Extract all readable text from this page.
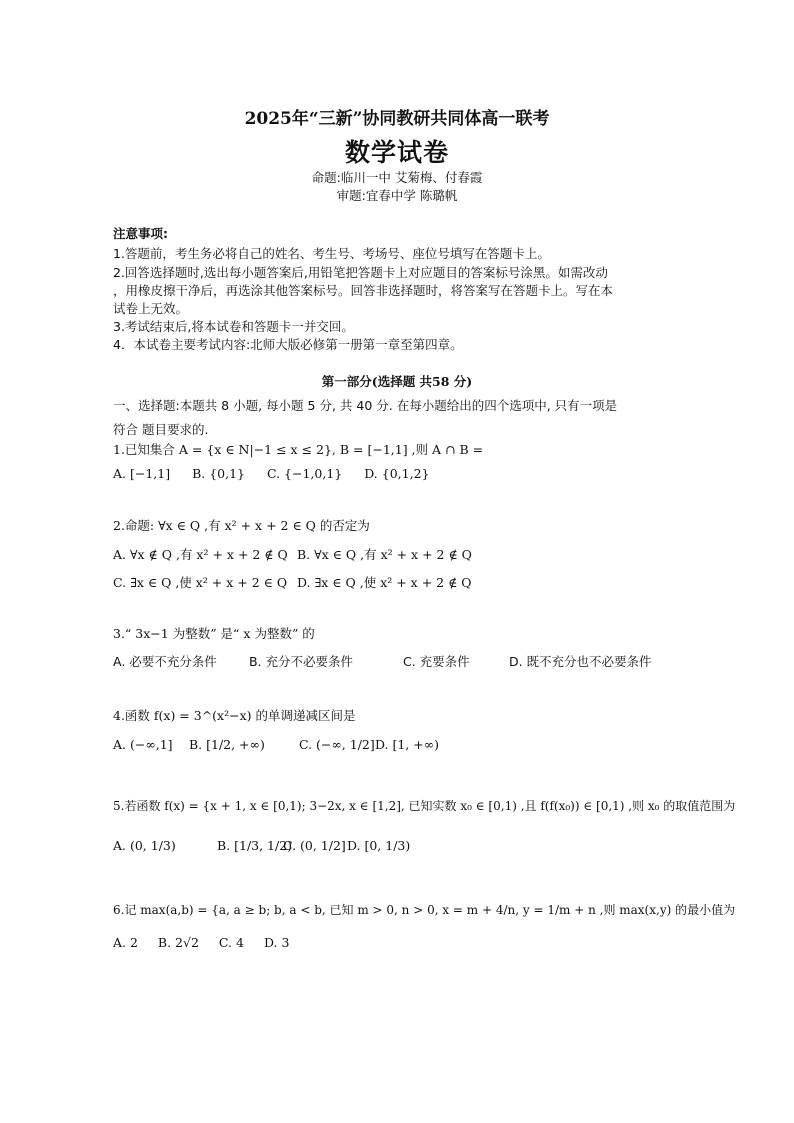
2025年“三新”协同教研共同体高一联考
数学试卷
命题:临川一中 艾菊梅、付春霞
审题:宜春中学 陈璐帆
注意事项:
1.答题前，考生务必将自己的姓名、考生号、考场号、座位号填写在答题卡上。
2.回答选择题时,选出每小题答案后,用铅笔把答题卡上对应题目的答案标号涂黑。如需改动
，用橡皮擦干净后，再选涂其他答案标号。回答非选择题时，将答案写在答题卡上。写在本
试卷上无效。
3.考试结束后,将本试卷和答题卡一并交回。
4．本试卷主要考试内容:北师大版必修第一册第一章至第四章。
第一部分(选择题 共58 分)
一、选择题:本题共 8 小题, 每小题 5 分, 共 40 分. 在每小题给出的四个选项中, 只有一项是
符合 题目要求的.
1.已知集合 A = {x ∈ N|−1 ≤ x ≤ 2}, B = [−1,1] ,则 A ∩ B =
A. [−1,1] B. {0,1} C. {−1,0,1} D. {0,1,2}
2.命题: ∀x ∈ Q ,有 x² + x + 2 ∈ Q 的否定为
A. ∀x ∉ Q ,有 x² + x + 2 ∉ Q B. ∀x ∈ Q ,有 x² + x + 2 ∉ Q
C. ∃x ∈ Q ,使 x² + x + 2 ∈ Q D. ∃x ∈ Q ,使 x² + x + 2 ∉ Q
3.“ 3x−1 为整数” 是“ x 为整数” 的
A. 必要不充分条件	B. 充分不必要条件	C. 充要条件	D. 既不充分也不必要条件
4.函数 f(x) = 3^(x²−x) 的单调递减区间是
A. (−∞,1] B. [1/2, +∞)	C. (−∞, 1/2] D. [1, +∞)
5.若函数 f(x) = {x + 1, x ∈ [0,1); 3−2x, x ∈ [1,2], 已知实数 x₀ ∈ [0,1) ,且 f(f(x₀)) ∈ [0,1) ,则 x₀ 的取值范围为
A. (0, 1/3)	B. [1/3, 1/2) C. (0, 1/2] D. [0, 1/3)
6.记 max(a,b) = {a, a ≥ b; b, a < b, 已知 m > 0, n > 0, x = m + 4/n, y = 1/m + n ,则 max(x,y) 的最小值为
A. 2 B. 2√2 C. 4 D. 3
